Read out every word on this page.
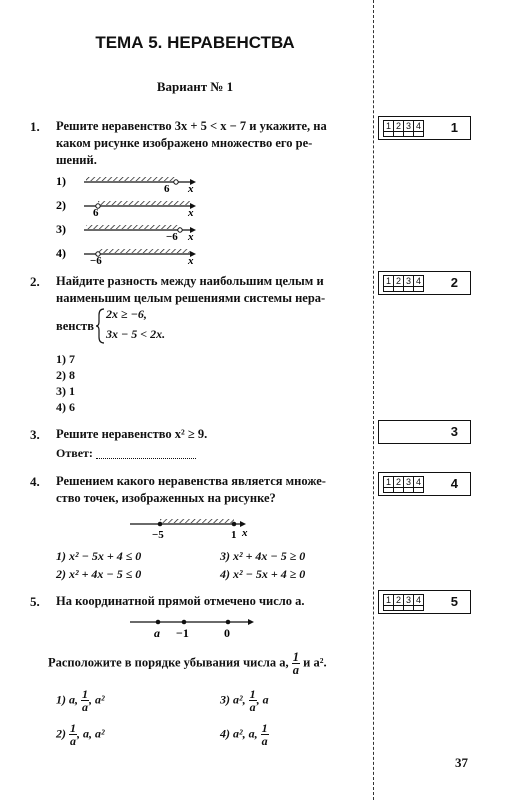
ТЕМА 5. НЕРАВЕНСТВА
Вариант № 1
1 2 3 4 1
1 2 3 4 2
3
1 2 3 4 4
1 2 3 4 5
1. Решите неравенство 3x + 5 < x − 7 и укажите, на
каком рисунке изображено множество его ре-
шений.
1)
6 x
2)
6	x
3)
−6 x
4)
−6	x
2. Найдите разность между наибольшим целым и
наименьшим целым решениями системы нера-
венств
2x ≥ −6,
3x − 5 < 2x.
1) 7
2) 8
3) 1
4) 6
3. Решите неравенство x² ≥ 9.
Ответ:
4. Решением какого неравенства является множе-
ство точек, изображенных на рисунке?
−5	1 x
1) x² − 5x + 4 ≤ 0	3) x² + 4x − 5 ≥ 0
2) x² + 4x − 5 ≤ 0	4) x² − 5x + 4 ≥ 0
5. На координатной прямой отмечено число a.
a −1	0
Расположите в порядке убывания числа a, $\frac{1}{a}$ и a².
1) a, $\frac{1}{a}$ , a²	3) a², $\frac{1}{a}$ , a
$2) \frac{1}{a}$ , a, a²	4) a², a, $\frac{1}{a}$
37
